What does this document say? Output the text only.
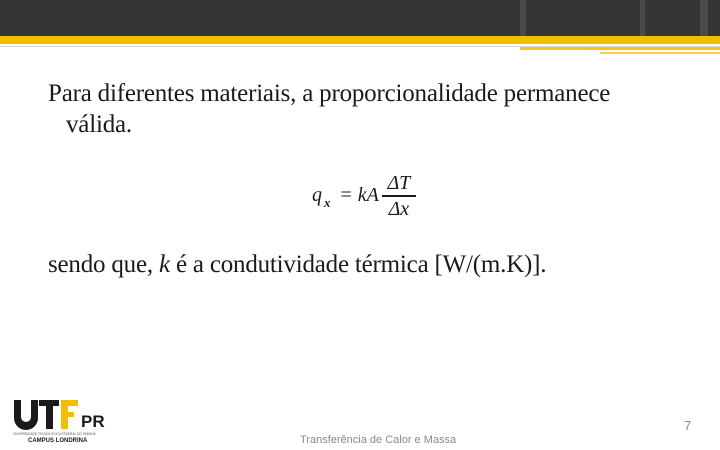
Para diferentes materiais, a proporcionalidade permanece
válida.
q $_x$ = kA $\frac{\Delta T}{\Delta x}$
sendo que, k é a condutividade térmica [W/(m.K)].
PR
UNIVERSIDADE TECNOLÓGICA FEDERAL DO PARANÁ
CAMPUS LONDRINA	Transferência de Calor e Massa
7
